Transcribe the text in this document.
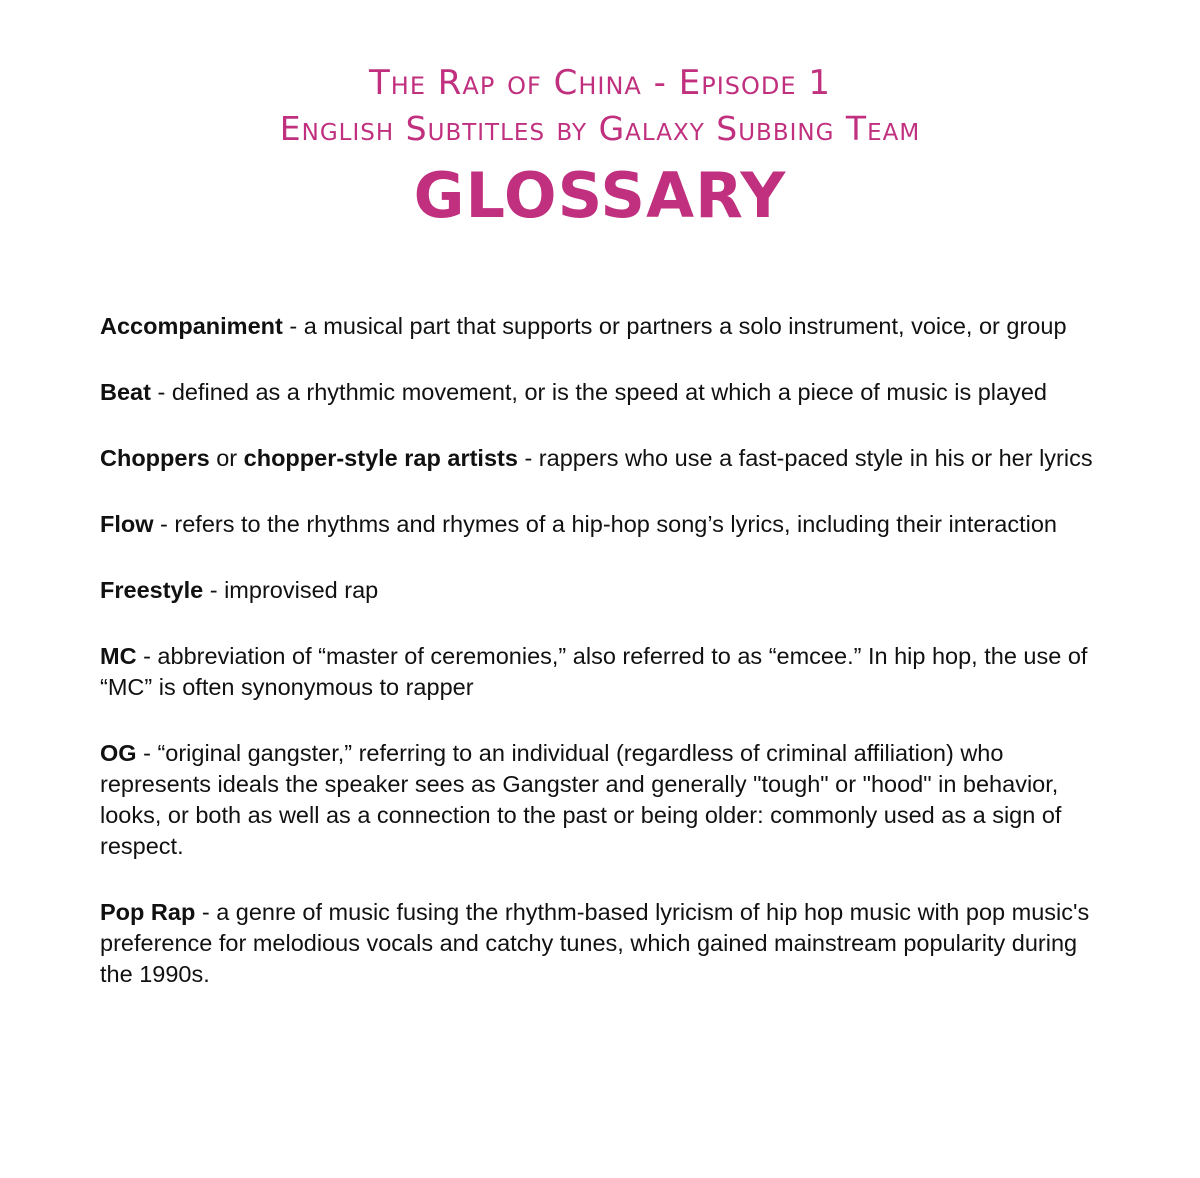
The Rap of China - Episode 1
English Subtitles by Galaxy Subbing Team
GLOSSARY

Accompaniment - a musical part that supports or partners a solo instrument, voice, or group

Beat - defined as a rhythmic movement, or is the speed at which a piece of music is played

Choppers or chopper-style rap artists - rappers who use a fast-paced style in his or her lyrics

Flow - refers to the rhythms and rhymes of a hip-hop song’s lyrics, including their interaction

Freestyle - improvised rap

MC - abbreviation of “master of ceremonies,” also referred to as “emcee.” In hip hop, the use of “MC” is often synonymous to rapper

OG - “original gangster,” referring to an individual (regardless of criminal affiliation) who represents ideals the speaker sees as Gangster and generally "tough" or "hood" in behavior, looks, or both as well as a connection to the past or being older: commonly used as a sign of respect.

Pop Rap - a genre of music fusing the rhythm-based lyricism of hip hop music with pop music's preference for melodious vocals and catchy tunes, which gained mainstream popularity during the 1990s.
